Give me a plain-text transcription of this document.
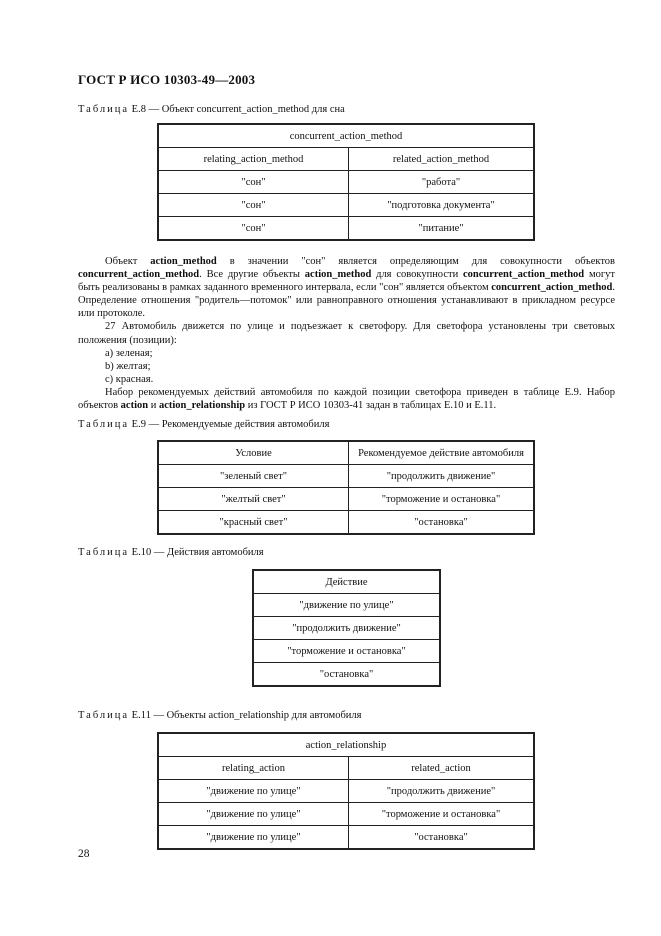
ГОСТ Р ИСО 10303-49—2003
Таблица Е.8 — Объект concurrent_action_method для сна
concurrent_action_method	
relating_action_method	related_action_method
"сон"	"работа"
"сон"	"подготовка документа"
"сон"	"питание"

Объект action_method в значении "сон" является определяющим для совокупности объектов concurrent_action_method. Все другие объекты action_method для совокупности concurrent_action_method могут быть реализованы в рамках заданного временного интервала, если "сон" является объектом concurrent_action_method. Определение отношения "родитель—потомок" или равноправного отношения устанавливают в прикладном ресурсе или протоколе.

27 Автомобиль движется по улице и подъезжает к светофору. Для светофора установлены три световых положения (позиции):

a) зеленая;

b) желтая;

c) красная.

Набор рекомендуемых действий автомобиля по каждой позиции светофора приведен в таблице Е.9. Набор объектов action и action_relationship из ГОСТ Р ИСО 10303-41 задан в таблицах Е.10 и Е.11.

Таблица Е.9 — Рекомендуемые действия автомобиля
Условие	Рекомендуемое действие автомобиля
"зеленый свет"	"продолжить движение"
"желтый свет"	"торможение и остановка"
"красный свет"	"остановка"
Таблица Е.10 — Действия автомобиля
Действие
"движение по улице"
"продолжить движение"
"торможение и остановка"
"остановка"
Таблица Е.11 — Объекты action_relationship для автомобиля
action_relationship	
relating_action	related_action
"движение по улице"	"продолжить движение"
"движение по улице"	"торможение и остановка"
"движение по улице"	"остановка"
28
